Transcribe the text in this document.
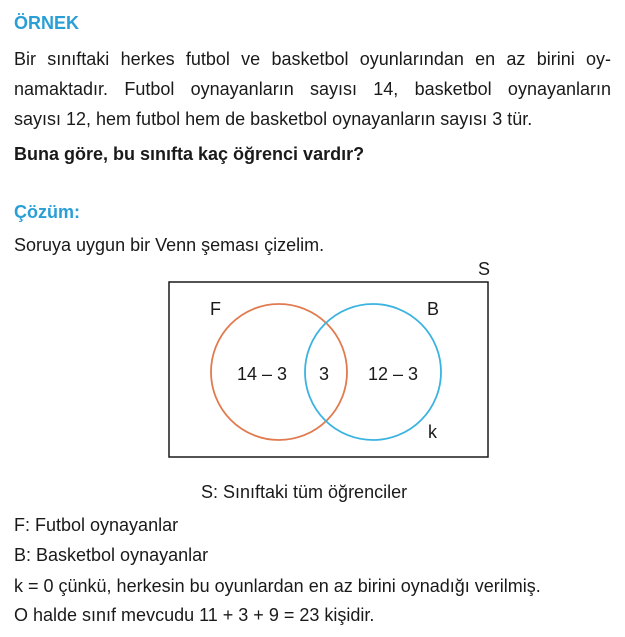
ÖRNEK

Bir sınıftaki herkes futbol ve basketbol oyunlarından en az birini oy-

namaktadır. Futbol oynayanların sayısı 14, basketbol oynayanların

sayısı 12, hem futbol hem de basketbol oynayanların sayısı 3 tür.

Buna göre, bu sınıfta kaç öğrenci vardır?

Çözüm:

Soruya uygun bir Venn şeması çizelim.

S
F	B
14 – 3 3 12 – 3
k

S: Sınıftaki tüm öğrenciler

F: Futbol oynayanlar

B: Basketbol oynayanlar

k = 0 çünkü, herkesin bu oyunlardan en az birini oynadığı verilmiş.

O halde sınıf mevcudu 11 + 3 + 9 = 23 kişidir.
